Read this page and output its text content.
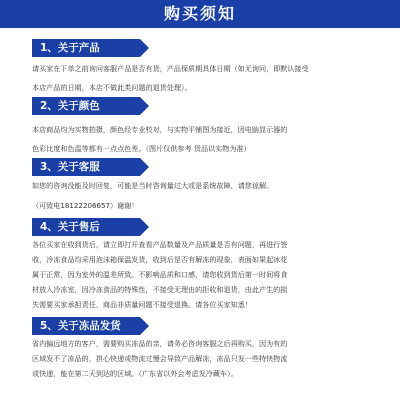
购买须知
1、关于产品

请买家在下单之前询问客服产品是否有货，产品保质期具体日期（如无询问，即默认接受

本店产品的日期，本店不做此类问题的退货处理）。

2、关于颜色

本店商品均为实物拍摄，颜色经专业校对，与实物平铺图为接近，因电脑显示器的

色彩比度和色温等都有一点点色差。（图片仅供参考 货品以实物为准）

3、关于客服

如您的咨询没能及时回复，可能是当时咨询量过大或是系统故障，请您谅解。

（可致电18122206657）谢谢！

4、关于售后

各位买家在收到货后，请立即打开查看产品数量及产品质量是否有问题，再进行签

收，冷冻食品均采用泡沫箱保温发货，收到后是否有解冻的现象，表面如果起冰花

属于正常，因为室外的温差所致。不影响品质和口感，请您收到货后第一时间将食

材放入冷冻室，因冷冻食品的特殊性，不接受无理由的拒收和退货，由此产生的损

失需要买家承担责任，商品非质量问题不接受退换。请各位买家知悉！

5、关于冻品发货

省内偏远地方的客户，需要购买冻品的亲，请务必咨询客服之后再购买，因为有的

区域发不了冻品的，担心快递或物流过慢会导致产品解冻，冻品只发一些特快物流

或快递，能在第二天到达的区域。（广东省以外会考虑发冷藏车）。
